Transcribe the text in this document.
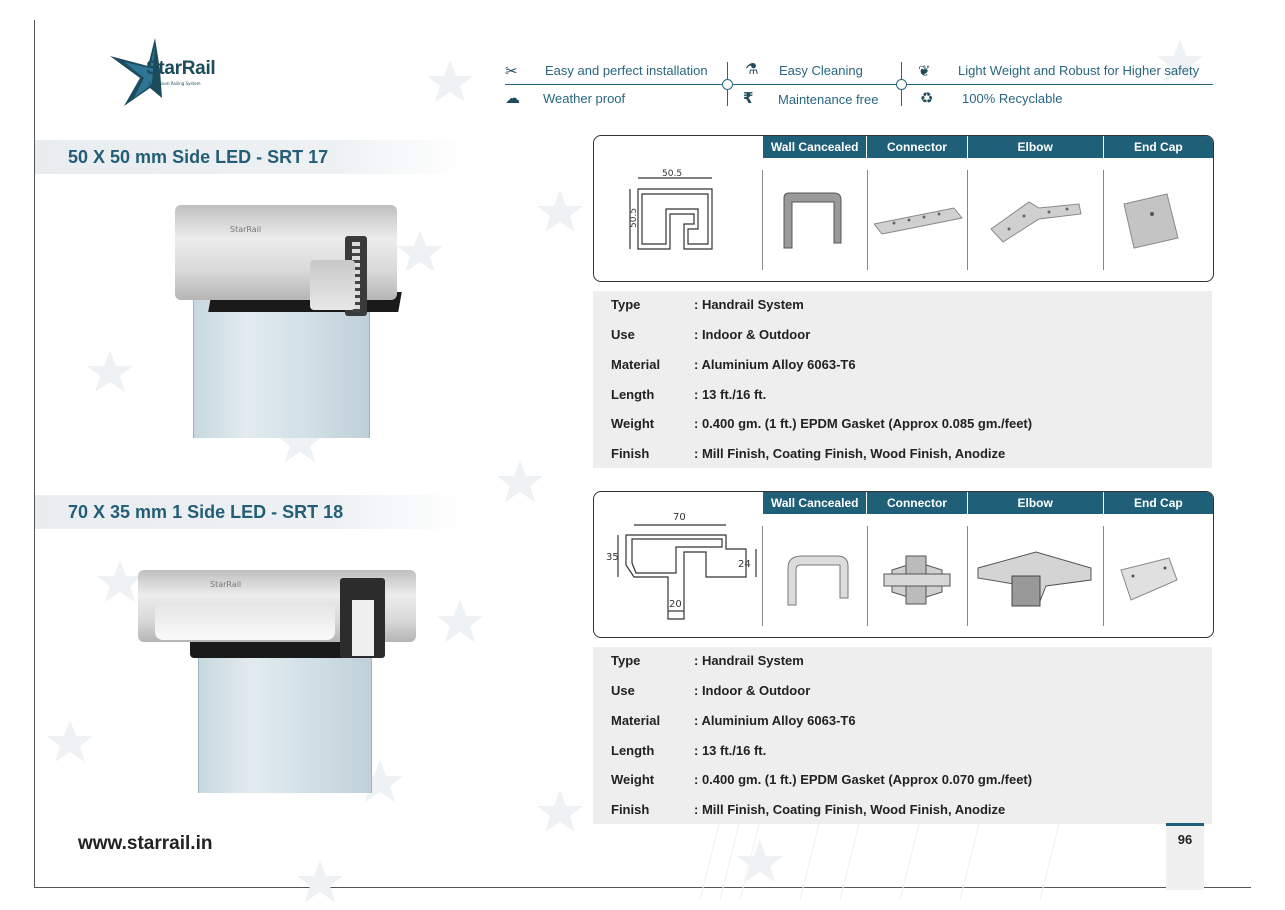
StarRail
Aluminium Railing System
✂ Easy and perfect installation ⚗ Easy Cleaning	❦ Light Weight and Robust for Higher safety
☁ Weather proof	₹ Maintenance free	♻ 100% Recyclable
50 X 50 mm Side LED - SRT 17
StarRail
Wall Cancealed	Connector	Elbow	End Cap
50.5
50.5
Type	: Handrail System
Use	: Indoor & Outdoor
Material	: Aluminium Alloy 6063-T6
Length	: 13 ft./16 ft.
Weight	: 0.400 gm. (1 ft.) EPDM Gasket (Approx 0.085 gm./feet)
Finish	: Mill Finish, Coating Finish, Wood Finish, Anodize
70 X 35 mm 1 Side LED - SRT 18
StarRail
Wall Cancealed	Connector	Elbow	End Cap
70
35
24
20
Type	: Handrail System
Use	: Indoor & Outdoor
Material	: Aluminium Alloy 6063-T6
Length	: 13 ft./16 ft.
Weight	: 0.400 gm. (1 ft.) EPDM Gasket (Approx 0.070 gm./feet)
Finish	: Mill Finish, Coating Finish, Wood Finish, Anodize
www.starrail.in	96
